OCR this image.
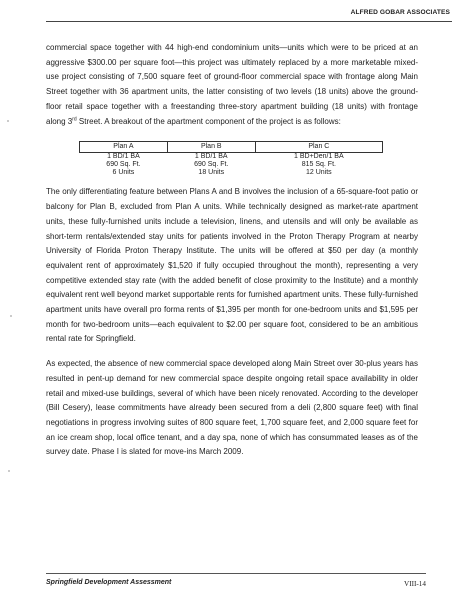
ALFRED GOBAR ASSOCIATES

commercial space together with 44 high-end condominium units—units which were to be priced at an aggressive $300.00 per square foot—this project was ultimately replaced by a more marketable mixed-use project consisting of 7,500 square feet of ground-floor commercial space with frontage along Main Street together with 36 apartment units, the latter consisting of two levels (18 units) above the ground-floor retail space together with a freestanding three-story apartment building (18 units) with frontage along 3rd Street. A breakout of the apartment component of the project is as follows:

Plan A	Plan B	Plan C
1 BD/1 BA	1 BD/1 BA	1 BD+Den/1 BA
690 Sq. Ft.	690 Sq. Ft.	815 Sq. Ft.
6 Units	18 Units	12 Units

The only differentiating feature between Plans A and B involves the inclusion of a 65-square-foot patio or balcony for Plan B, excluded from Plan A units. While technically designed as market-rate apartment units, these fully-furnished units include a television, linens, and utensils and will only be available as short-term rentals/extended stay units for patients involved in the Proton Therapy Program at nearby University of Florida Proton Therapy Institute. The units will be offered at $50 per day (a monthly equivalent rent of approximately $1,520 if fully occupied throughout the month), representing a very competitive extended stay rate (with the added benefit of close proximity to the Institute) and a monthly equivalent rent well beyond market supportable rents for furnished apartment units. These fully-furnished apartment units have overall pro forma rents of $1,395 per month for one-bedroom units and $1,595 per month for two-bedroom units—each equivalent to $2.00 per square foot, considered to be an ambitious rental rate for Springfield.

As expected, the absence of new commercial space developed along Main Street over 30-plus years has resulted in pent-up demand for new commercial space despite ongoing retail space availability in older retail and mixed-use buildings, several of which have been nicely renovated. According to the developer (Bill Cesery), lease commitments have already been secured from a deli (2,800 square feet) with final negotiations in progress involving suites of 800 square feet, 1,700 square feet, and 2,000 square feet for an ice cream shop, local office tenant, and a day spa, none of which has consummated leases as of the survey date. Phase I is slated for move-ins March 2009.

Springfield Development Assessment	VIII-14
